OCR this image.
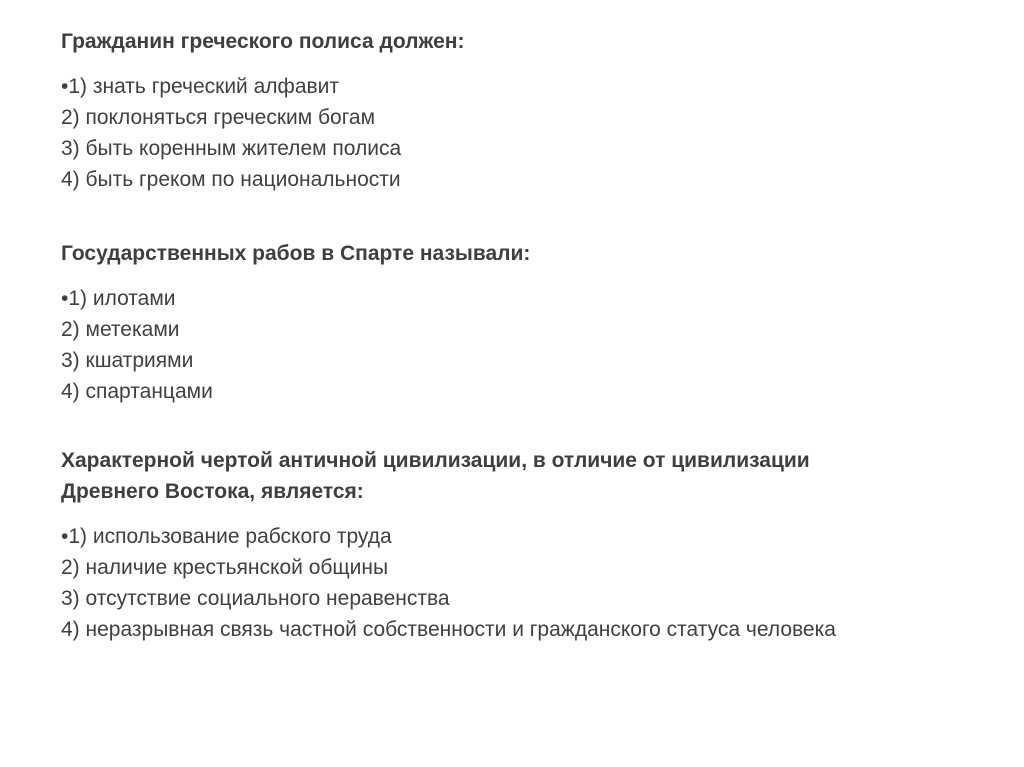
Гражданин греческого полиса должен:

•1) знать греческий алфавит
2) поклоняться греческим богам
3) быть коренным жителем полиса
4) быть греком по национальности

Государственных рабов в Спарте называли:

•1) илотами
2) метеками
3) кшатриями
4) спартанцами

Характерной чертой античной цивилизации, в отличие от цивилизации
Древнего Востока, является:

•1) использование рабского труда
2) наличие крестьянской общины
3) отсутствие социального неравенства
4) неразрывная связь частной собственности и гражданского статуса человека
